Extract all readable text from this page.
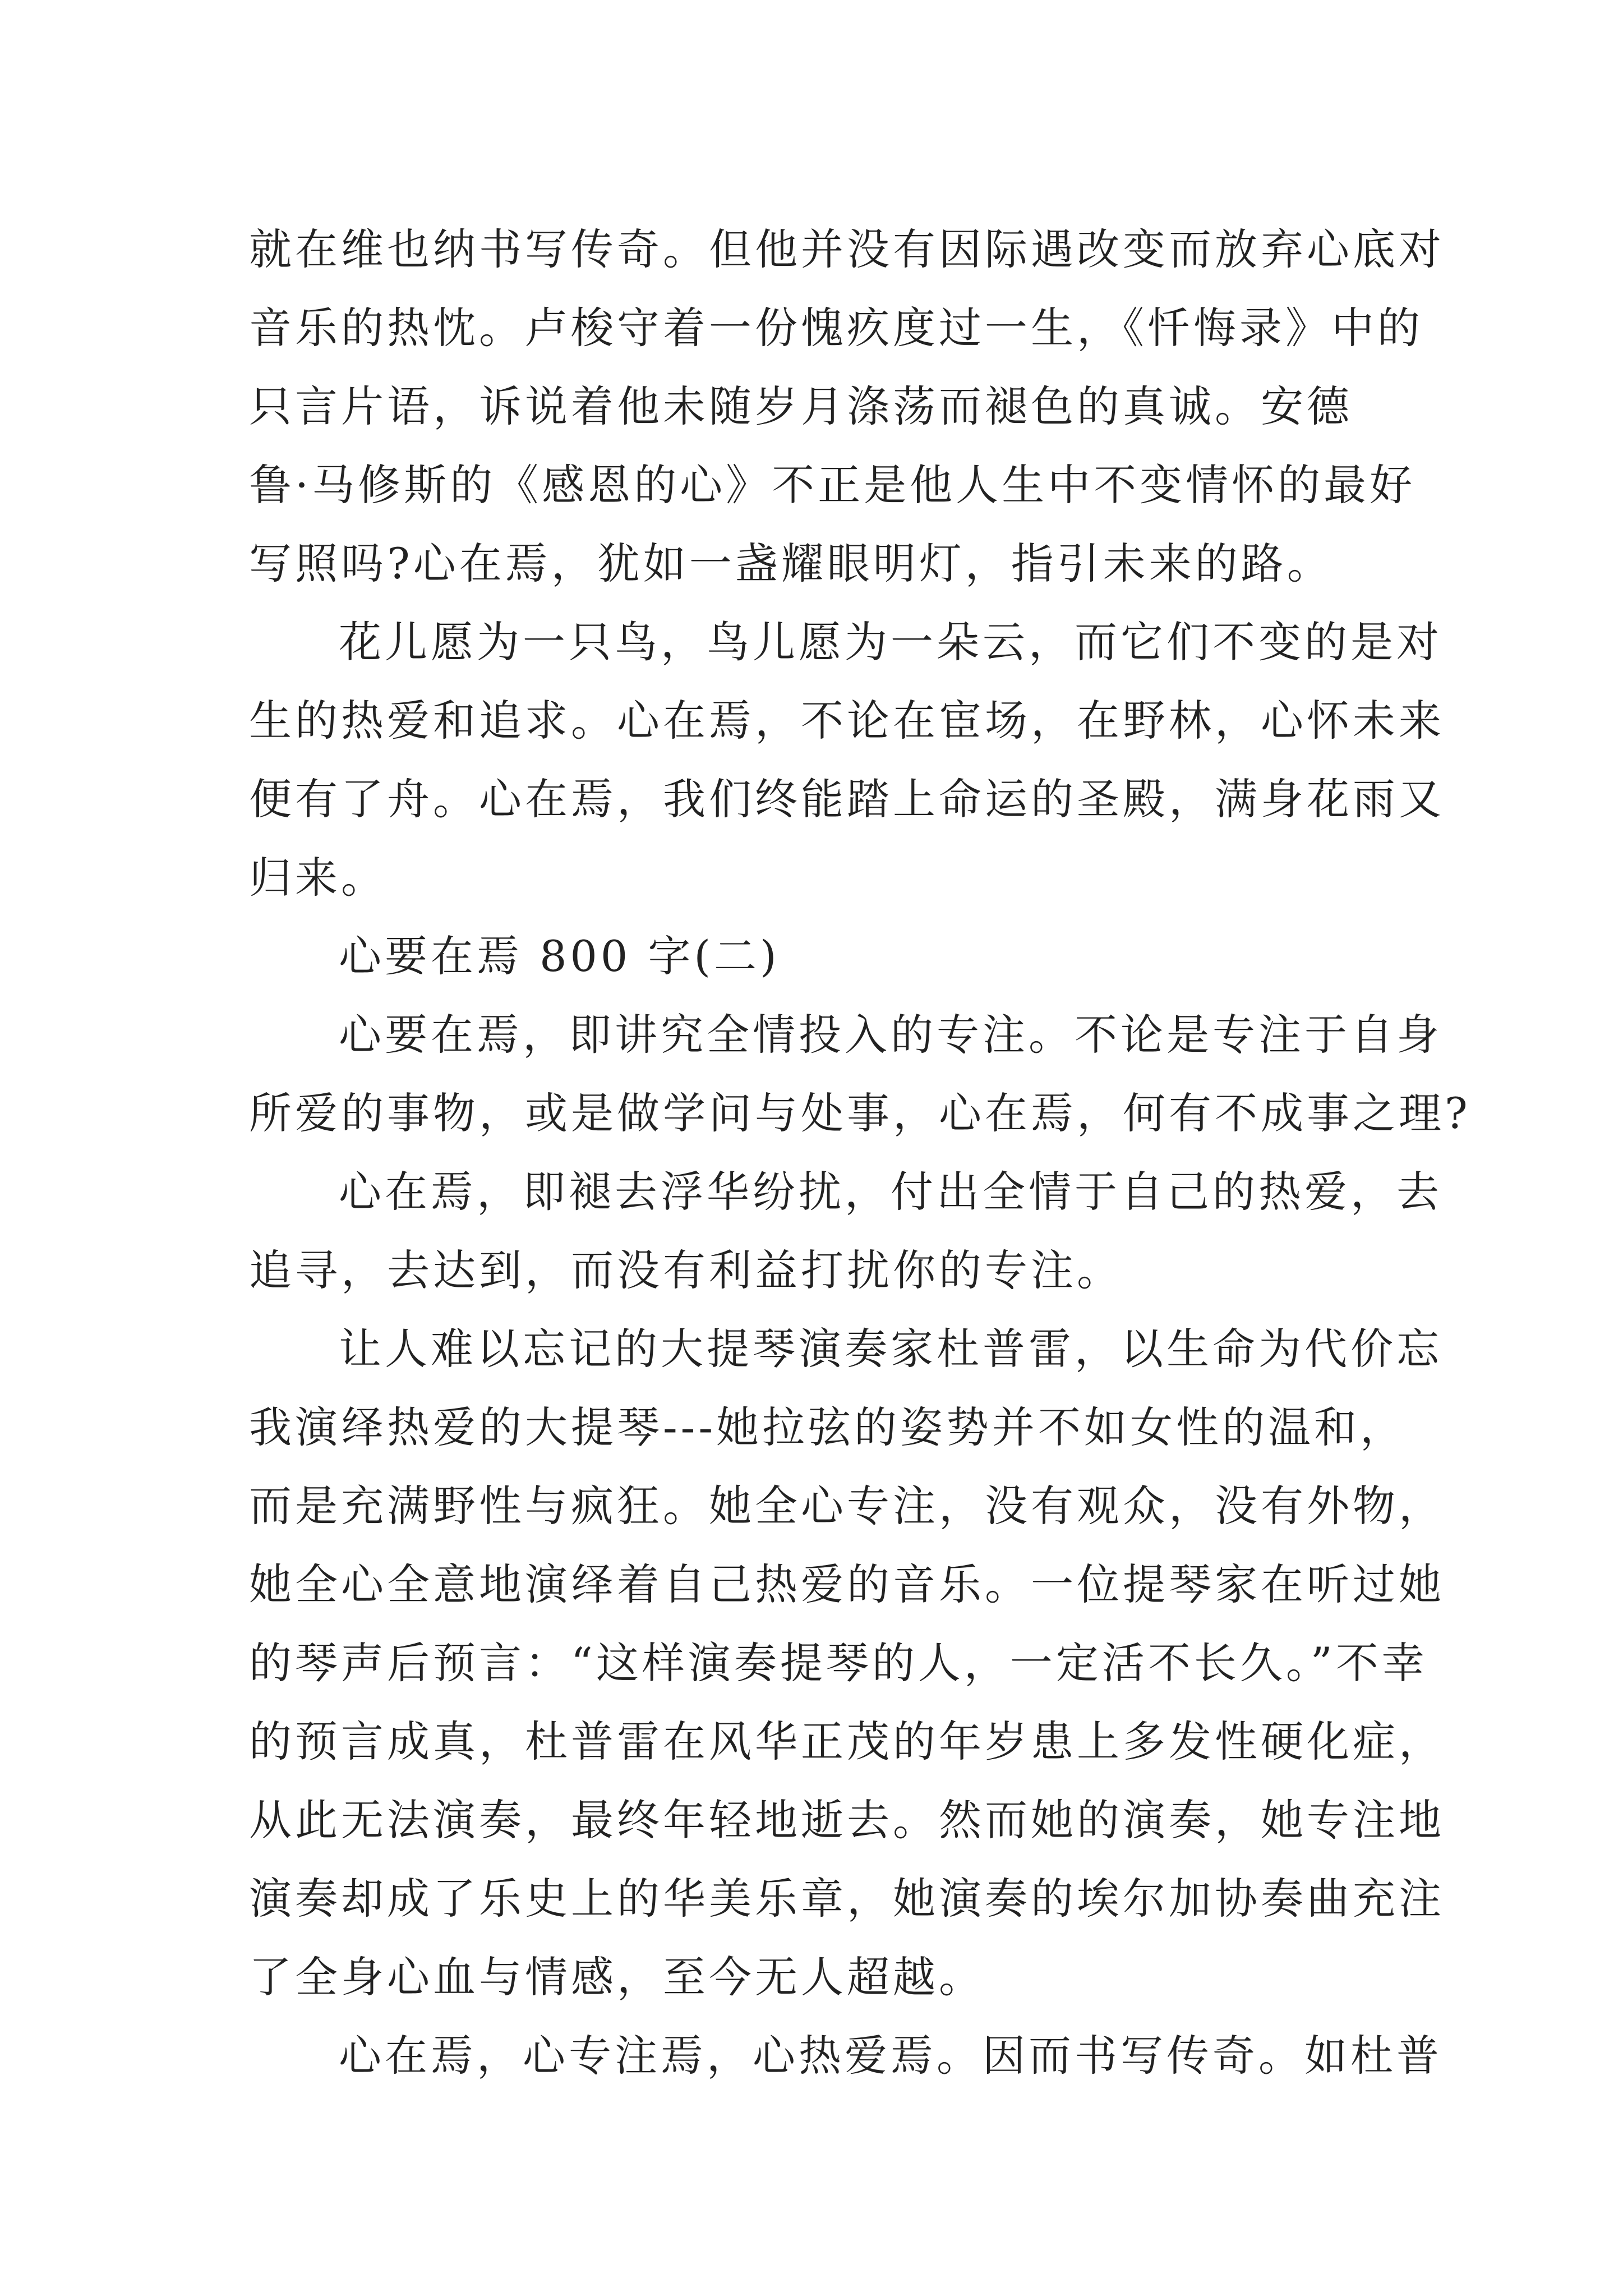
就在维也纳书写传奇。但他并没有因际遇改变而放弃心底对

音乐的热忱。卢梭守着一份愧疚度过一生，《忏悔录》中的

只言片语，诉说着他未随岁月涤荡而褪色的真诚。安德

鲁·马修斯的《感恩的心》不正是他人生中不变情怀的最好

写照吗?心在焉，犹如一盏耀眼明灯，指引未来的路。

花儿愿为一只鸟，鸟儿愿为一朵云，而它们不变的是对

生的热爱和追求。心在焉，不论在宦场，在野林，心怀未来

便有了舟。心在焉，我们终能踏上命运的圣殿，满身花雨又

归来。

心要在焉 800 字(二)

心要在焉，即讲究全情投入的专注。不论是专注于自身

所爱的事物，或是做学问与处事，心在焉，何有不成事之理?

心在焉，即褪去浮华纷扰，付出全情于自己的热爱，去

追寻，去达到，而没有利益打扰你的专注。

让人难以忘记的大提琴演奏家杜普雷，以生命为代价忘

我演绎热爱的大提琴---她拉弦的姿势并不如女性的温和，

而是充满野性与疯狂。她全心专注，没有观众，没有外物，

她全心全意地演绎着自己热爱的音乐。一位提琴家在听过她

的琴声后预言：“这样演奏提琴的人，一定活不长久。”不幸

的预言成真，杜普雷在风华正茂的年岁患上多发性硬化症，

从此无法演奏，最终年轻地逝去。然而她的演奏，她专注地

演奏却成了乐史上的华美乐章，她演奏的埃尔加协奏曲充注

了全身心血与情感，至今无人超越。

心在焉，心专注焉，心热爱焉。因而书写传奇。如杜普
